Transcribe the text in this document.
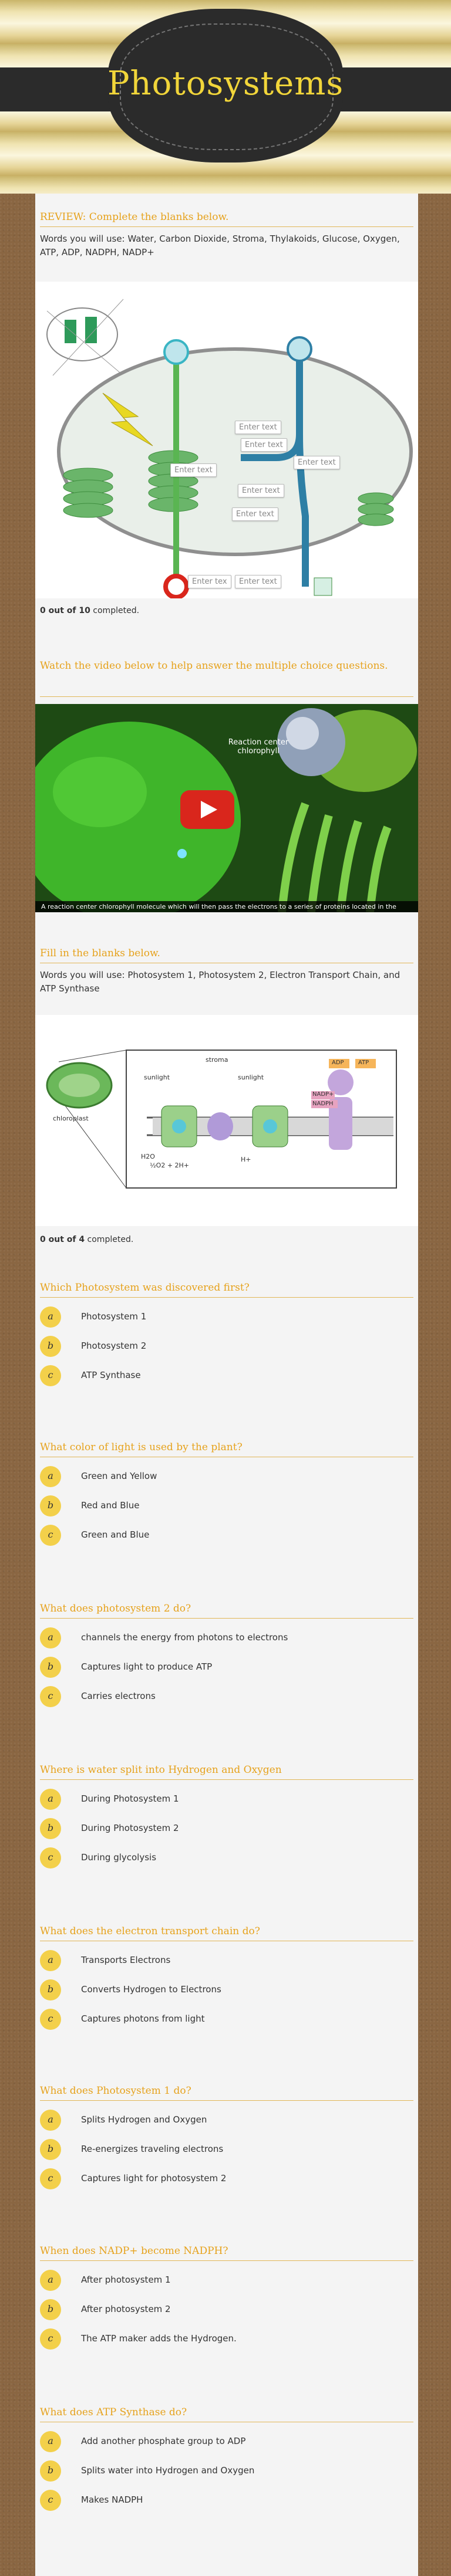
Photosystems
REVIEW: Complete the blanks below.
Words you will use: Water, Carbon Dioxide, Stroma, Thylakoids, Glucose, Oxygen, ATP, ADP, NADPH, NADP+
Enter text
Enter text
Enter text
Enter text
Enter text
Enter text
Enter tex	Enter text
0 out of 10 completed.
Watch the video below to help answer the multiple choice questions.
Reaction center chlorophyll
A reaction center chlorophyll molecule which will then pass the electrons to a series of proteins located in the
Fill in the blanks below.
Words you will use: Photosystem 1, Photosystem 2, Electron Transport Chain, and ATP Synthase
stroma
chloroplast
sunlight	sunlight
H2O
½O2 + 2H+
ADP ATP
NADP+
NADPH
H+
0 out of 4 completed.
Which Photosystem was discovered first?
a	Photosystem 1
b	Photosystem 2
c	ATP Synthase
What color of light is used by the plant?
a	Green and Yellow
b	Red and Blue
c	Green and Blue
What does photosystem 2 do?
a	channels the energy from photons to electrons
b	Captures light to produce ATP
c	Carries electrons
Where is water split into Hydrogen and Oxygen
a	During Photosystem 1
b	During Photosystem 2
c	During glycolysis
What does the electron transport chain do?
a	Transports Electrons
b	Converts Hydrogen to Electrons
c	Captures photons from light
What does Photosystem 1 do?
a	Splits Hydrogen and Oxygen
b	Re-energizes traveling electrons
c	Captures light for photosystem 2
When does NADP+ become NADPH?
a	After photosystem 1
b	After photosystem 2
c	The ATP maker adds the Hydrogen.
What does ATP Synthase do?
a	Add another phosphate group to ADP
b	Splits water into Hydrogen and Oxygen
c	Makes NADPH
